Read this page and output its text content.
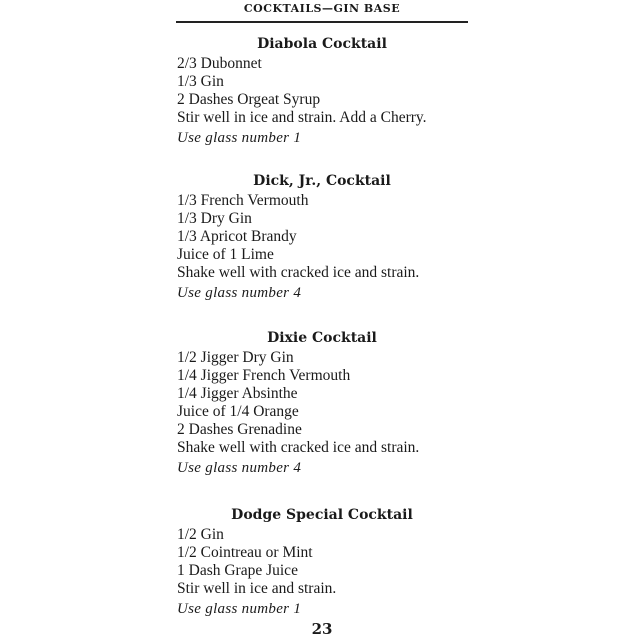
COCKTAILS—GIN BASE
Diabola Cocktail
2/3 Dubonnet
1/3 Gin
2 Dashes Orgeat Syrup
Stir well in ice and strain. Add a Cherry.
Use glass number 1
Dick, Jr., Cocktail
1/3 French Vermouth
1/3 Dry Gin
1/3 Apricot Brandy
Juice of 1 Lime
Shake well with cracked ice and strain.
Use glass number 4
Dixie Cocktail
1/2 Jigger Dry Gin
1/4 Jigger French Vermouth
1/4 Jigger Absinthe
Juice of 1/4 Orange
2 Dashes Grenadine
Shake well with cracked ice and strain.
Use glass number 4
Dodge Special Cocktail
1/2 Gin
1/2 Cointreau or Mint
1 Dash Grape Juice
Stir well in ice and strain.
Use glass number 1
23
